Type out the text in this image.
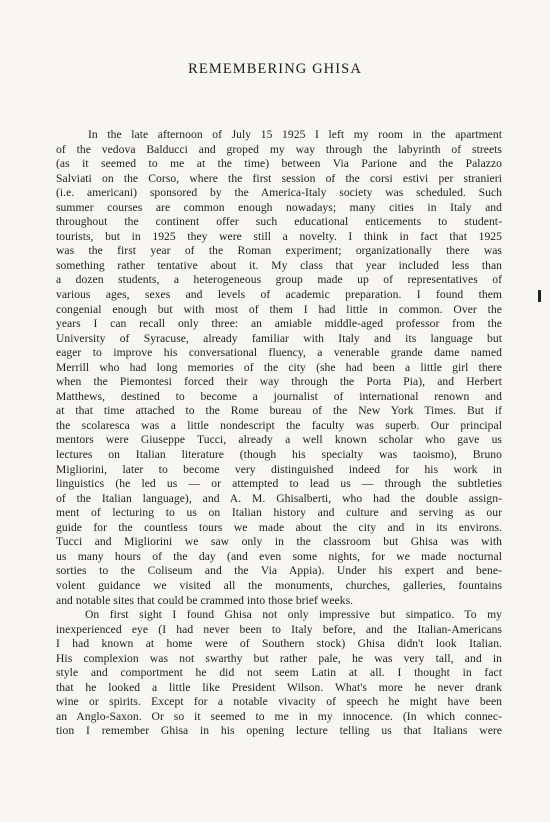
REMEMBERING GHISA
In the late afternoon of July 15 1925 I left my room in the apartment
of the vedova Balducci and groped my way through the labyrinth of streets
(as it seemed to me at the time) between Via Parione and the Palazzo
Salviati on the Corso, where the first session of the corsi estivi per stranieri
(i.e. americani) sponsored by the America-Italy society was scheduled. Such
summer courses are common enough nowadays; many cities in Italy and
throughout the continent offer such educational enticements to student-
tourists, but in 1925 they were still a novelty. I think in fact that 1925
was the first year of the Roman experiment; organizationally there was
something rather tentative about it. My class that year included less than
a dozen students, a heterogeneous group made up of representatives of
various ages, sexes and levels of academic preparation. I found them
congenial enough but with most of them I had little in common. Over the
years I can recall only three: an amiable middle-aged professor from the
University of Syracuse, already familiar with Italy and its language but
eager to improve his conversational fluency, a venerable grande dame named
Merrill who had long memories of the city (she had been a little girl there
when the Piemontesi forced their way through the Porta Pia), and Herbert
Matthews, destined to become a journalist of international renown and
at that time attached to the Rome bureau of the New York Times. But if
the scolaresca was a little nondescript the faculty was superb. Our principal
mentors were Giuseppe Tucci, already a well known scholar who gave us
lectures on Italian literature (though his specialty was taoismo), Bruno
Migliorini, later to become very distinguished indeed for his work in
linguistics (he led us — or attempted to lead us — through the subtleties
of the Italian language), and A. M. Ghisalberti, who had the double assign-
ment of lecturing to us on Italian history and culture and serving as our
guide for the countless tours we made about the city and in its environs.
Tucci and Migliorini we saw only in the classroom but Ghisa was with
us many hours of the day (and even some nights, for we made nocturnal
sorties to the Coliseum and the Via Appia). Under his expert and bene-
volent guidance we visited all the monuments, churches, galleries, fountains
and notable sites that could be crammed into those brief weeks.
On first sight I found Ghisa not only impressive but simpatico. To my
inexperienced eye (I had never been to Italy before, and the Italian-Americans
I had known at home were of Southern stock) Ghisa didn't look Italian.
His complexion was not swarthy but rather pale, he was very tall, and in
style and comportment he did not seem Latin at all. I thought in fact
that he looked a little like President Wilson. What's more he never drank
wine or spirits. Except for a notable vivacity of speech he might have been
an Anglo-Saxon. Or so it seemed to me in my innocence. (In which connec-
tion I remember Ghisa in his opening lecture telling us that Italians were
